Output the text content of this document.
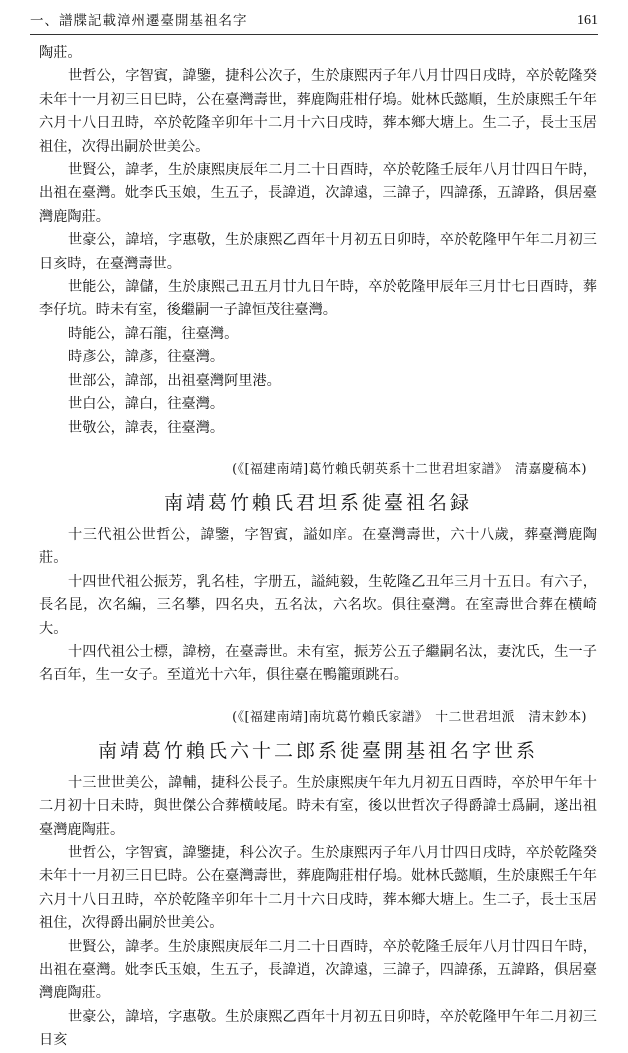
一、譜牒記載漳州遷臺開基祖名字	161

陶莊。

世哲公，字智賓，諱鑒，捷科公次子，生於康熙丙子年八月廿四日戌時，卒於乾隆癸未年十一月初三日巳時，公在臺灣壽世，葬鹿陶莊柑仔塢。妣林氏懿順，生於康熙壬午年六月十八日丑時，卒於乾隆辛卯年十二月十六日戌時，葬本鄉大塘上。生二子，長士玉居祖住，次得出嗣於世美公。

世賢公，諱孝，生於康熙庚辰年二月二十日酉時，卒於乾隆壬辰年八月廿四日午時，出祖在臺灣。妣李氏玉娘，生五子，長諱逍，次諱遠，三諱子，四諱孫，五諱路，俱居臺灣鹿陶莊。

世豪公，諱培，字惠敬，生於康熙乙酉年十月初五日卯時，卒於乾隆甲午年二月初三日亥時，在臺灣壽世。

世能公，諱儲，生於康熙己丑五月廿九日午時，卒於乾隆甲辰年三月廿七日酉時，葬李仔坑。時未有室，後繼嗣一子諱恒茂往臺灣。

時能公，諱石龍，往臺灣。

時彥公，諱彥，往臺灣。

世部公，諱部，出祖臺灣阿里港。

世白公，諱白，往臺灣。

世敬公，諱表，往臺灣。

(《[福建南靖]葛竹賴氏朝英系十二世君坦家譜》　清嘉慶稿本)
南靖葛竹賴氏君坦系徙臺祖名録

十三代祖公世哲公，諱鑒，字智賓，謚如庠。在臺灣壽世，六十八歲，葬臺灣鹿陶莊。

十四世代祖公振芳，乳名桂，字册五，謚純毅，生乾隆乙丑年三月十五日。有六子，長名昆，次名編，三名攀，四名央，五名汰，六名坎。俱往臺灣。在室壽世合葬在横崎大。

十四代祖公士標，諱榜，在臺壽世。未有室，振芳公五子繼嗣名汰，妻沈氏，生一子名百年，生一女子。至道光十六年，俱往臺在鴨籠頭跳石。

(《[福建南靖]南坑葛竹賴氏家譜》　十二世君坦派　清末鈔本)
南靖葛竹賴氏六十二郎系徙臺開基祖名字世系

十三世世美公，諱輔，捷科公長子。生於康熙庚午年九月初五日酉時，卒於甲午年十二月初十日未時，與世傑公合葬横岐尾。時未有室，後以世哲次子得爵諱士爲嗣，遂出祖臺灣鹿陶莊。

世哲公，字智賓，諱鑒捷，科公次子。生於康熙丙子年八月廿四日戌時，卒於乾隆癸未年十一月初三日巳時。公在臺灣壽世，葬鹿陶莊柑仔塢。妣林氏懿順，生於康熙壬午年六月十八日丑時，卒於乾隆辛卯年十二月十六日戌時，葬本鄉大塘上。生二子，長士玉居祖住，次得爵出嗣於世美公。

世賢公，諱孝。生於康熙庚辰年二月二十日酉時，卒於乾隆壬辰年八月廿四日午時，出祖在臺灣。妣李氏玉娘，生五子，長諱逍，次諱遠，三諱子，四諱孫，五諱路，俱居臺灣鹿陶莊。

世豪公，諱培，字惠敬。生於康熙乙酉年十月初五日卯時，卒於乾隆甲午年二月初三日亥
